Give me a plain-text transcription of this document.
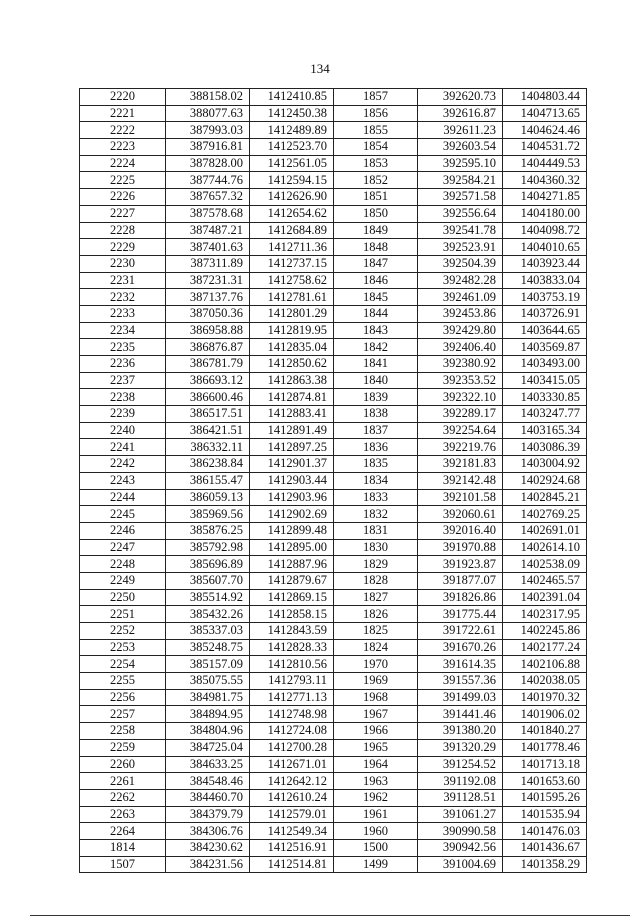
134
2220	388158.02	1412410.85	1857	392620.73	1404803.44
2221	388077.63	1412450.38	1856	392616.87	1404713.65
2222	387993.03	1412489.89	1855	392611.23	1404624.46
2223	387916.81	1412523.70	1854	392603.54	1404531.72
2224	387828.00	1412561.05	1853	392595.10	1404449.53
2225	387744.76	1412594.15	1852	392584.21	1404360.32
2226	387657.32	1412626.90	1851	392571.58	1404271.85
2227	387578.68	1412654.62	1850	392556.64	1404180.00
2228	387487.21	1412684.89	1849	392541.78	1404098.72
2229	387401.63	1412711.36	1848	392523.91	1404010.65
2230	387311.89	1412737.15	1847	392504.39	1403923.44
2231	387231.31	1412758.62	1846	392482.28	1403833.04
2232	387137.76	1412781.61	1845	392461.09	1403753.19
2233	387050.36	1412801.29	1844	392453.86	1403726.91
2234	386958.88	1412819.95	1843	392429.80	1403644.65
2235	386876.87	1412835.04	1842	392406.40	1403569.87
2236	386781.79	1412850.62	1841	392380.92	1403493.00
2237	386693.12	1412863.38	1840	392353.52	1403415.05
2238	386600.46	1412874.81	1839	392322.10	1403330.85
2239	386517.51	1412883.41	1838	392289.17	1403247.77
2240	386421.51	1412891.49	1837	392254.64	1403165.34
2241	386332.11	1412897.25	1836	392219.76	1403086.39
2242	386238.84	1412901.37	1835	392181.83	1403004.92
2243	386155.47	1412903.44	1834	392142.48	1402924.68
2244	386059.13	1412903.96	1833	392101.58	1402845.21
2245	385969.56	1412902.69	1832	392060.61	1402769.25
2246	385876.25	1412899.48	1831	392016.40	1402691.01
2247	385792.98	1412895.00	1830	391970.88	1402614.10
2248	385696.89	1412887.96	1829	391923.87	1402538.09
2249	385607.70	1412879.67	1828	391877.07	1402465.57
2250	385514.92	1412869.15	1827	391826.86	1402391.04
2251	385432.26	1412858.15	1826	391775.44	1402317.95
2252	385337.03	1412843.59	1825	391722.61	1402245.86
2253	385248.75	1412828.33	1824	391670.26	1402177.24
2254	385157.09	1412810.56	1970	391614.35	1402106.88
2255	385075.55	1412793.11	1969	391557.36	1402038.05
2256	384981.75	1412771.13	1968	391499.03	1401970.32
2257	384894.95	1412748.98	1967	391441.46	1401906.02
2258	384804.96	1412724.08	1966	391380.20	1401840.27
2259	384725.04	1412700.28	1965	391320.29	1401778.46
2260	384633.25	1412671.01	1964	391254.52	1401713.18
2261	384548.46	1412642.12	1963	391192.08	1401653.60
2262	384460.70	1412610.24	1962	391128.51	1401595.26
2263	384379.79	1412579.01	1961	391061.27	1401535.94
2264	384306.76	1412549.34	1960	390990.58	1401476.03
1814	384230.62	1412516.91	1500	390942.56	1401436.67
1507	384231.56	1412514.81	1499	391004.69	1401358.29
